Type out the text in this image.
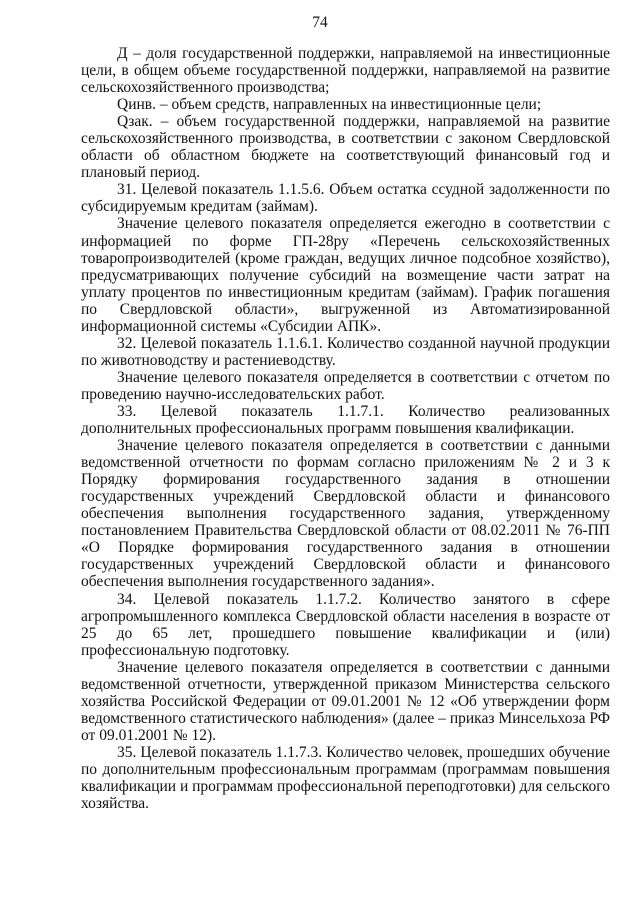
74

Д – доля государственной поддержки, направляемой на инвестиционные цели, в общем объеме государственной поддержки, направляемой на развитие сельскохозяйственного производства;

Qинв. – объем средств, направленных на инвестиционные цели;

Qзак. – объем государственной поддержки, направляемой на развитие сельскохозяйственного производства, в соответствии с законом Свердловской области об областном бюджете на соответствующий финансовый год и плановый период.

31. Целевой показатель 1.1.5.6. Объем остатка ссудной задолженности по субсидируемым кредитам (займам).

Значение целевого показателя определяется ежегодно в соответствии с информацией по форме ГП-28ру «Перечень сельскохозяйственных товаропроизводителей (кроме граждан, ведущих личное подсобное хозяйство), предусматривающих получение субсидий на возмещение части затрат на уплату процентов по инвестиционным кредитам (займам). График погашения по Свердловской области», выгруженной из Автоматизированной информационной системы «Субсидии АПК».

32. Целевой показатель 1.1.6.1. Количество созданной научной продукции по животноводству и растениеводству.

Значение целевого показателя определяется в соответствии с отчетом по проведению научно-исследовательских работ.

33. Целевой показатель 1.1.7.1. Количество реализованных дополнительных профессиональных программ повышения квалификации.

Значение целевого показателя определяется в соответствии с данными ведомственной отчетности по формам согласно приложениям № 2 и 3 к Порядку формирования государственного задания в отношении государственных учреждений Свердловской области и финансового обеспечения выполнения государственного задания, утвержденному постановлением Правительства Свердловской области от 08.02.2011 № 76-ПП «О Порядке формирования государственного задания в отношении государственных учреждений Свердловской области и финансового обеспечения выполнения государственного задания».

34. Целевой показатель 1.1.7.2. Количество занятого в сфере агропромышленного комплекса Свердловской области населения в возрасте от 25 до 65 лет, прошедшего повышение квалификации и (или) профессиональную подготовку.

Значение целевого показателя определяется в соответствии с данными ведомственной отчетности, утвержденной приказом Министерства сельского хозяйства Российской Федерации от 09.01.2001 № 12 «Об утверждении форм ведомственного статистического наблюдения» (далее – приказ Минсельхоза РФ от 09.01.2001 № 12).

35. Целевой показатель 1.1.7.3. Количество человек, прошедших обучение по дополнительным профессиональным программам (программам повышения квалификации и программам профессиональной переподготовки) для сельского хозяйства.
